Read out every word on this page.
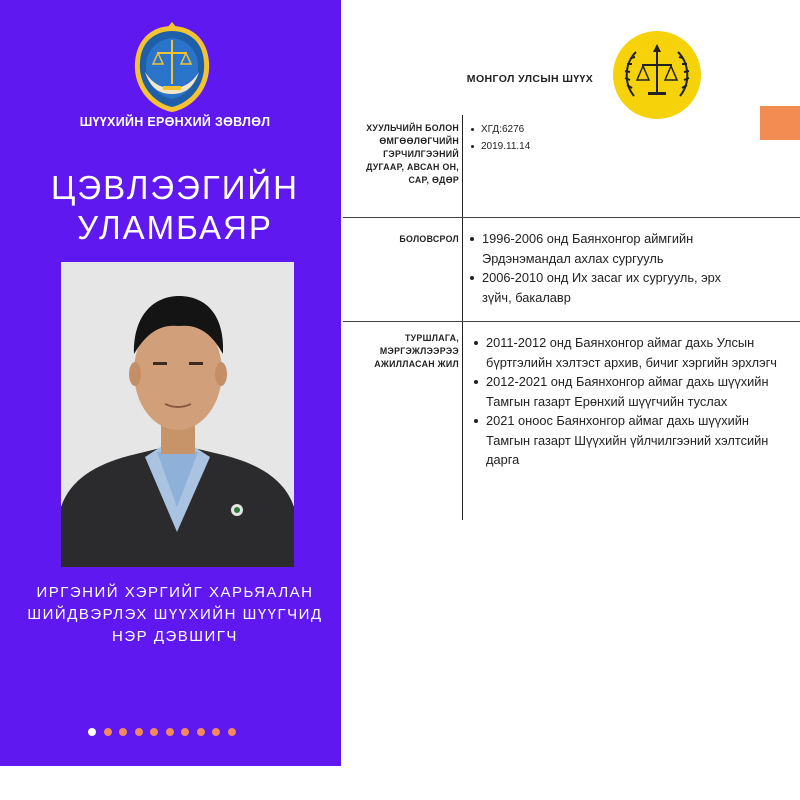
ШҮҮХИЙН ЕРӨНХИЙ ЗӨВЛӨЛ
ЦЭВЛЭЭГИЙН УЛАМБАЯР
ИРГЭНИЙ ХЭРГИЙГ ХАРЬЯАЛАН ШИЙДВЭРЛЭХ ШҮҮХИЙН ШҮҮГЧИД НЭР ДЭВШИГЧ
МОНГОЛ УЛСЫН ШҮҮХ
ХУУЛЬЧИЙН БОЛОН ӨМГӨӨЛӨГЧИЙН ГЭРЧИЛГЭЭНИЙ ДУГААР, АВСАН ОН, САР, ӨДӨР
ХГД:6276
2019.11.14
БОЛОВСРОЛ 1996-2006 онд Баянхонгор аймгийн Эрдэнэмандал ахлах сургууль
2006-2010 онд Их засаг их сургууль, эрх зүйч, бакалавр
ТУРШЛАГА, МЭРГЭЖЛЭЭРЭЭ АЖИЛЛАСАН ЖИЛ
2011-2012 онд Баянхонгор аймаг дахь Улсын бүртгэлийн хэлтэст архив, бичиг хэргийн эрхлэгч
2012-2021 онд Баянхонгор аймаг дахь шүүхийн Тамгын газарт Ерөнхий шүүгчийн туслах
2021 оноос Баянхонгор аймаг дахь шүүхийн Тамгын газарт Шүүхийн үйлчилгээний хэлтсийн дарга
